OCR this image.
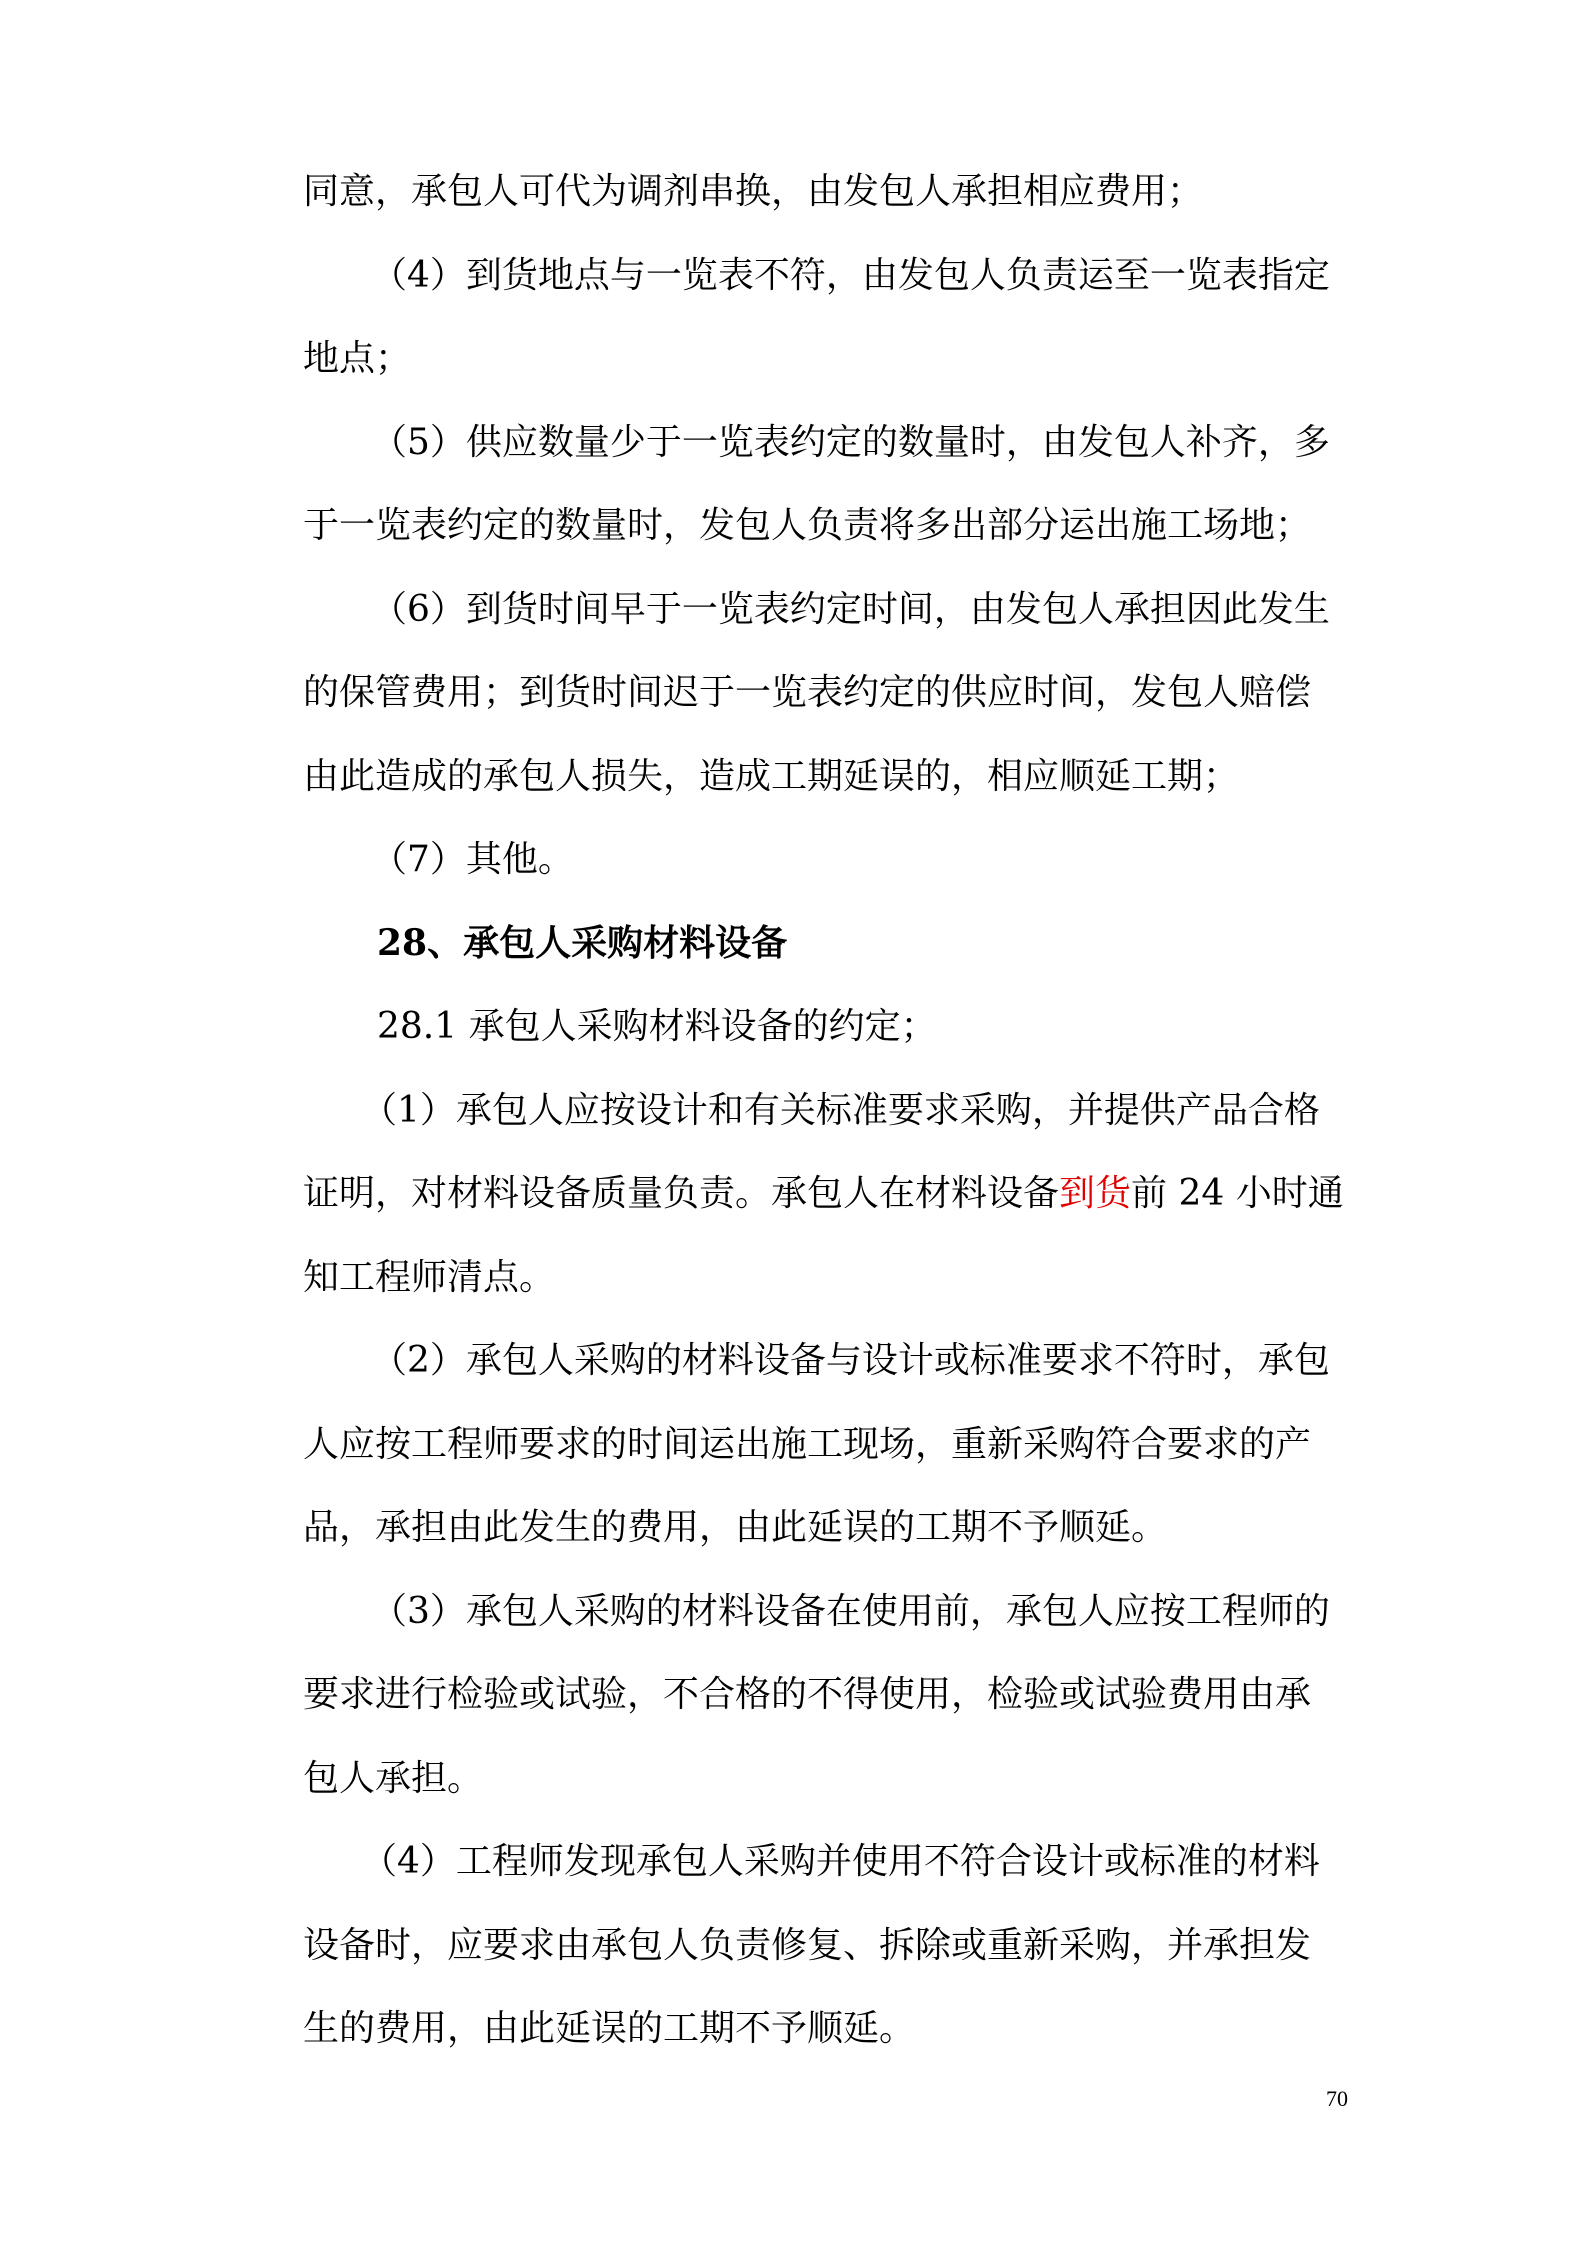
同意，承包人可代为调剂串换，由发包人承担相应费用；
（4）到货地点与一览表不符，由发包人负责运至一览表指定
地点；
（5）供应数量少于一览表约定的数量时，由发包人补齐，多
于一览表约定的数量时，发包人负责将多出部分运出施工场地；
（6）到货时间早于一览表约定时间，由发包人承担因此发生
的保管费用；到货时间迟于一览表约定的供应时间，发包人赔偿
由此造成的承包人损失，造成工期延误的，相应顺延工期；
（7）其他。
28、承包人采购材料设备
28.1 承包人采购材料设备的约定；
（1）承包人应按设计和有关标准要求采购，并提供产品合格
证明，对材料设备质量负责。承包人在材料设备到货前 24 小时通
知工程师清点。
（2）承包人采购的材料设备与设计或标准要求不符时，承包
人应按工程师要求的时间运出施工现场，重新采购符合要求的产
品，承担由此发生的费用，由此延误的工期不予顺延。
（3）承包人采购的材料设备在使用前，承包人应按工程师的
要求进行检验或试验，不合格的不得使用，检验或试验费用由承
包人承担。
（4）工程师发现承包人采购并使用不符合设计或标准的材料
设备时，应要求由承包人负责修复、拆除或重新采购，并承担发
生的费用，由此延误的工期不予顺延。
70
